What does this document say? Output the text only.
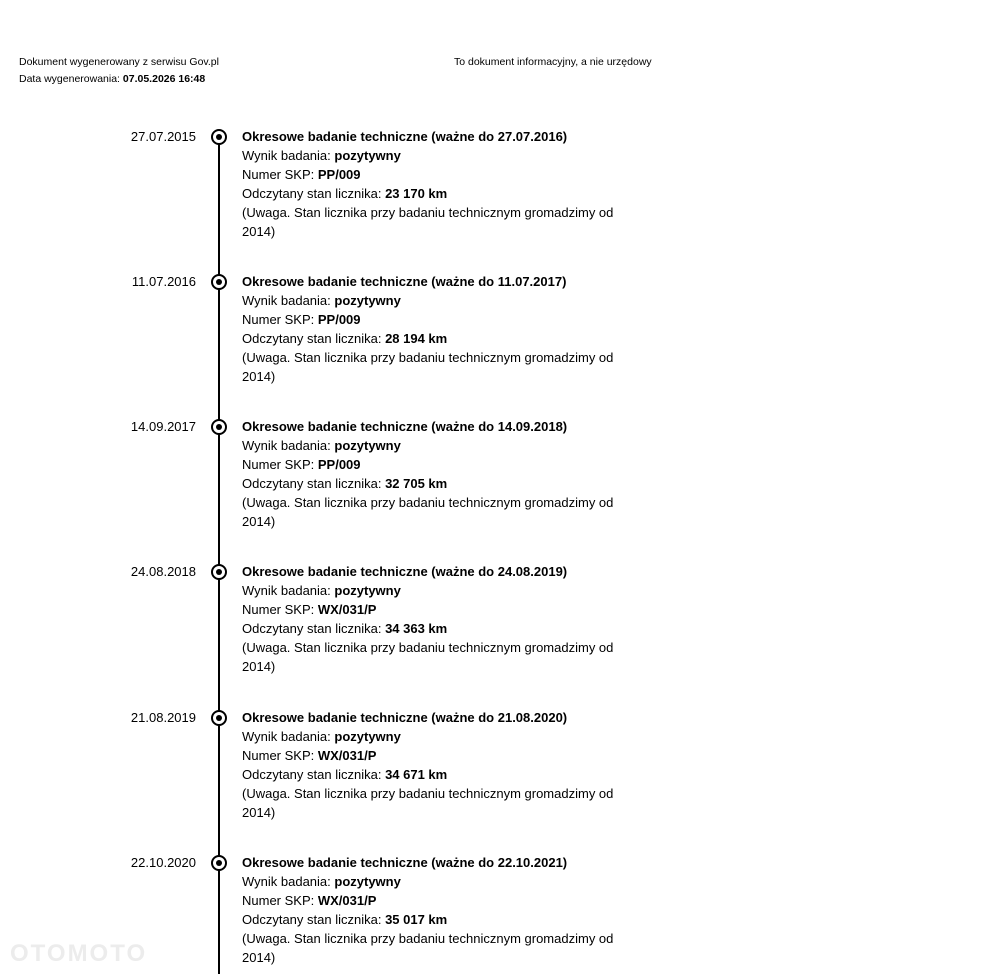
Dokument wygenerowany z serwisu Gov.pl
Data wygenerowania: 07.05.2026 16:48
To dokument informacyjny, a nie urzędowy
27.07.2015	Okresowe badanie techniczne (ważne do 27.07.2016)
Wynik badania: pozytywny
Numer SKP: PP/009
Odczytany stan licznika: 23 170 km
(Uwaga. Stan licznika przy badaniu technicznym gromadzimy od 2014)
11.07.2016	Okresowe badanie techniczne (ważne do 11.07.2017)
Wynik badania: pozytywny
Numer SKP: PP/009
Odczytany stan licznika: 28 194 km
(Uwaga. Stan licznika przy badaniu technicznym gromadzimy od 2014)
14.09.2017	Okresowe badanie techniczne (ważne do 14.09.2018)
Wynik badania: pozytywny
Numer SKP: PP/009
Odczytany stan licznika: 32 705 km
(Uwaga. Stan licznika przy badaniu technicznym gromadzimy od 2014)
24.08.2018	Okresowe badanie techniczne (ważne do 24.08.2019)
Wynik badania: pozytywny
Numer SKP: WX/031/P
Odczytany stan licznika: 34 363 km
(Uwaga. Stan licznika przy badaniu technicznym gromadzimy od 2014)
21.08.2019	Okresowe badanie techniczne (ważne do 21.08.2020)
Wynik badania: pozytywny
Numer SKP: WX/031/P
Odczytany stan licznika: 34 671 km
(Uwaga. Stan licznika przy badaniu technicznym gromadzimy od 2014)
22.10.2020	Okresowe badanie techniczne (ważne do 22.10.2021)
Wynik badania: pozytywny
Numer SKP: WX/031/P
Odczytany stan licznika: 35 017 km
(Uwaga. Stan licznika przy badaniu technicznym gromadzimy od 2014)
OTOMOTO
